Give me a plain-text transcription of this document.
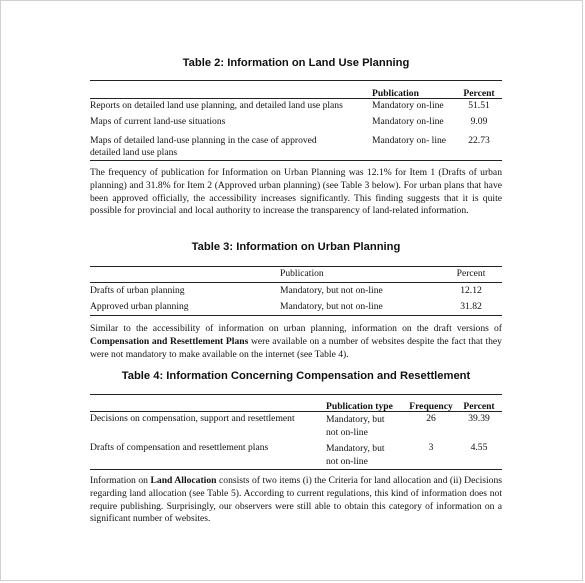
Table 2: Information on Land Use Planning
	Publication	Percent
Reports on detailed land use planning, and detailed land use plans	Mandatory on-line	51.51
Maps of current land-use situations	Mandatory on-line	9.09

Maps of detailed land-use planning in the case of approved
detailed land use plans	Mandatory on- line	22.73

The frequency of publication for Information on Urban Planning was 12.1% for Item 1 (Drafts of urban planning) and 31.8% for Item 2 (Approved urban planning) (see Table 3 below). For urban plans that have been approved officially, the accessibility increases significantly. This finding suggests that it is quite possible for provincial and local authority to increase the transparency of land-related information.

Table 3: Information on Urban Planning
	Publication	Percent
Drafts of urban planning	Mandatory, but not on-line	12.12
Approved urban planning	Mandatory, but not on-line	31.82

Similar to the accessibility of information on urban planning, information on the draft versions of Compensation and Resettlement Plans were available on a number of websites despite the fact that they were not mandatory to make available on the internet (see Table 4).

Table 4: Information Concerning Compensation and Resettlement
	Publication type	Frequency	Percent
Decisions on compensation, support and resettlement	Mandatory, but
not on-line	26	39.39
Drafts of compensation and resettlement plans	Mandatory, but
not on-line	3	4.55

Information on Land Allocation consists of two items (i) the Criteria for land allocation and (ii) Decisions regarding land allocation (see Table 5). According to current regulations, this kind of information does not require publishing. Surprisingly, our observers were still able to obtain this category of information on a significant number of websites.
